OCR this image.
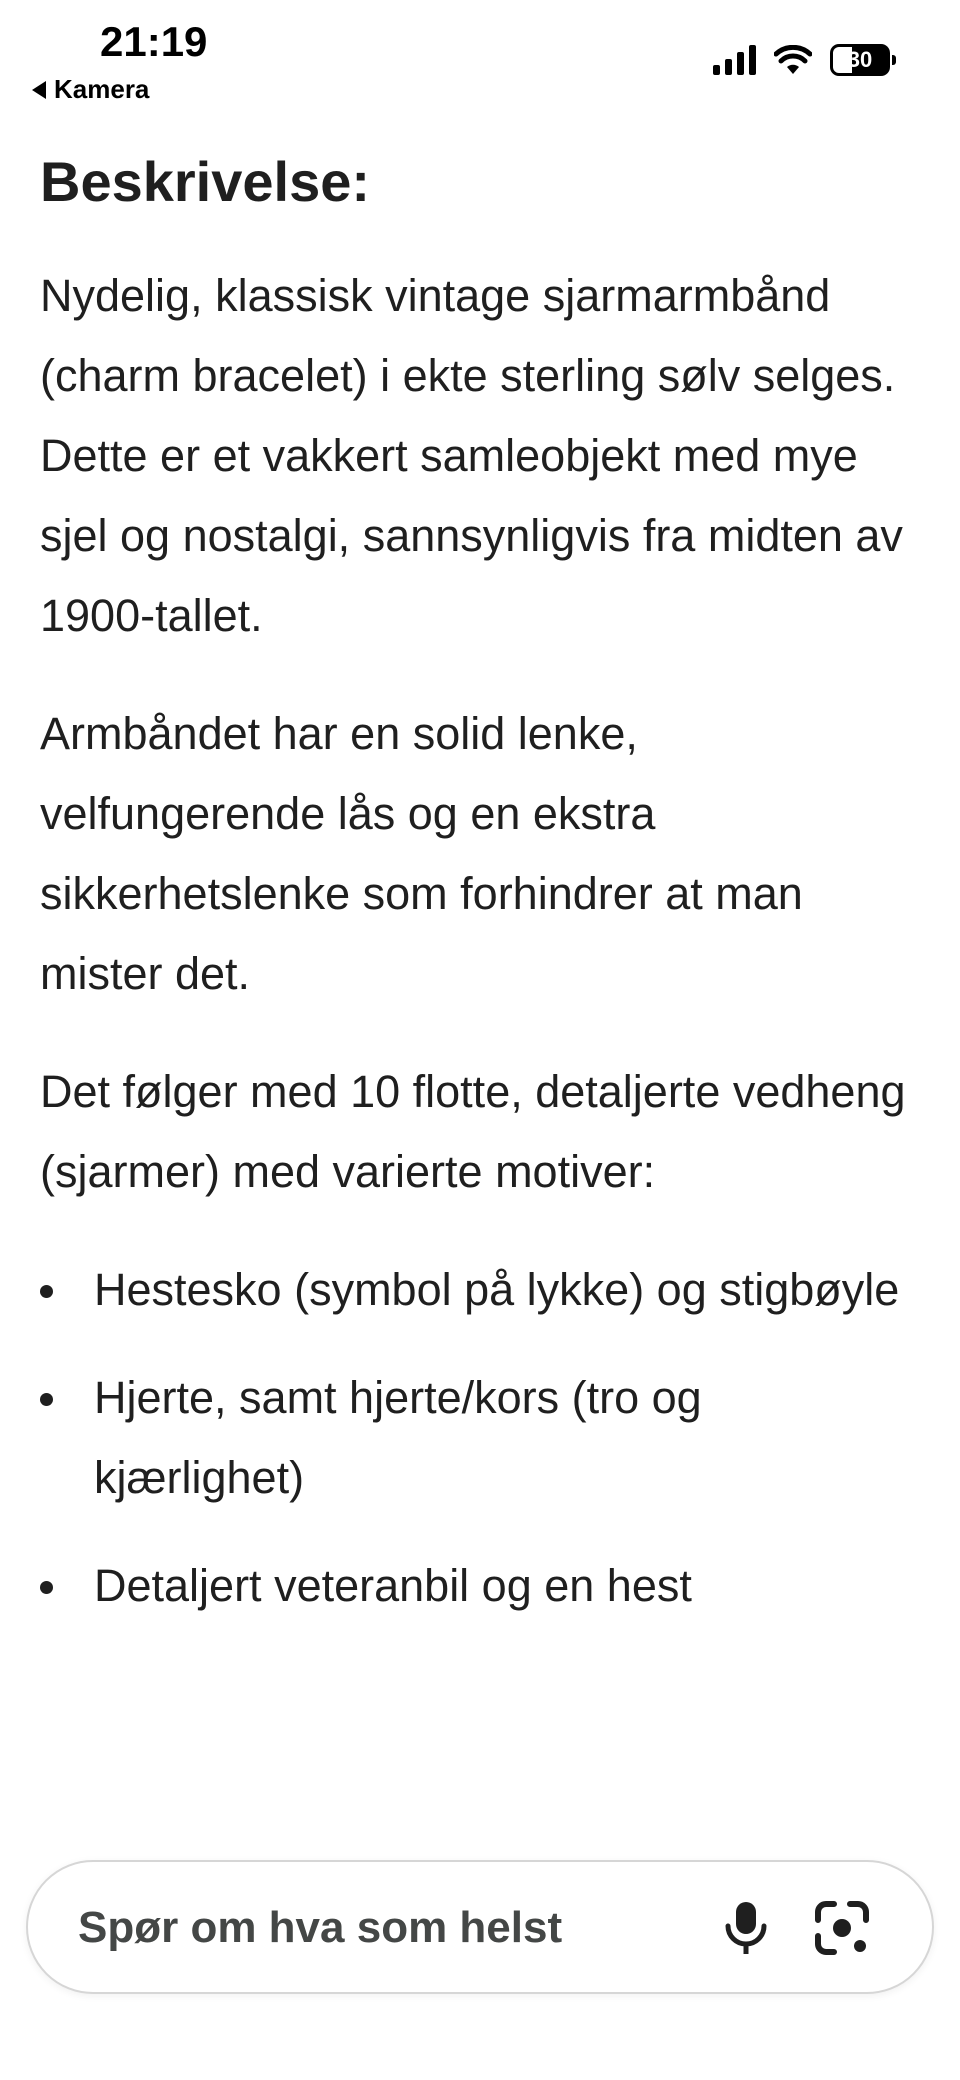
21:19
Kamera
30
Beskrivelse:

Nydelig, klassisk vintage sjarmarmbånd (charm bracelet) i ekte sterling sølv selges. Dette er et vakkert samleobjekt med mye sjel og nostalgi, sannsynligvis fra midten av 1900-tallet.

Armbåndet har en solid lenke, velfungerende lås og en ekstra sikkerhetslenke som forhindrer at man mister det.

Det følger med 10 flotte, detaljerte vedheng (sjarmer) med varierte motiver:

Hestesko (symbol på lykke) og stigbøyle
Hjerte, samt hjerte/kors (tro og kjærlighet)
Detaljert veteranbil og en hest
Spør om hva som helst
